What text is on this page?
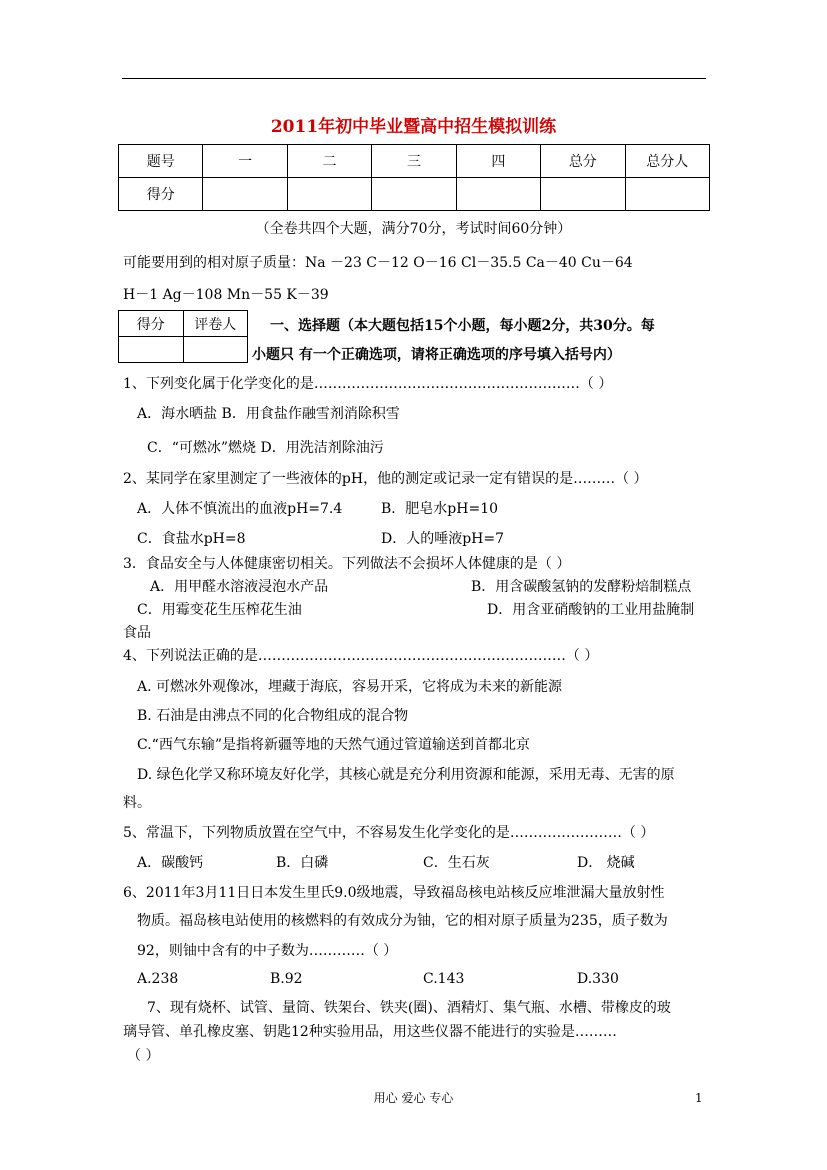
2011年初中毕业暨高中招生模拟训练
题号	一	二	三	四	总分	总分人
得分						
（全卷共四个大题，满分70分，考试时间60分钟）
可能要用到的相对原子质量：Na －23 C－12 O－16 Cl－35.5 Ca－40 Cu－64
H－1 Ag－108 Mn－55 K－39
得分	评卷人
	一、选择题（本大题包括15个小题，每小题2分，共30分。每
小题只 有一个正确选项，请将正确选项的序号填入括号内）
1、下列变化属于化学变化的是…………………………………………………（ ）
A．海水晒盐 B．用食盐作融雪剂消除积雪
C．“可燃冰”燃烧 D．用洗洁剂除油污
2、某同学在家里测定了一些液体的pH，他的测定或记录一定有错误的是………（ ）
A．人体不慎流出的血液pH=7.4	B．肥皂水pH=10
C．食盐水pH=8	D．人的唾液pH=7
3．食品安全与人体健康密切相关。下列做法不会损坏人体健康的是（ ）
A．用甲醛水溶液浸泡水产品	B．用含碳酸氢钠的发酵粉焙制糕点
C．用霉变花生压榨花生油	D．用含亚硝酸钠的工业用盐腌制
食品
4、下列说法正确的是…………………………………………………………（ ）
A. 可燃冰外观像冰，埋藏于海底，容易开采，它将成为未来的新能源
B. 石油是由沸点不同的化合物组成的混合物
C.“西气东输”是指将新疆等地的天然气通过管道输送到首都北京
D. 绿色化学又称环境友好化学，其核心就是充分利用资源和能源，采用无毒、无害的原
料。
5、常温下，下列物质放置在空气中，不容易发生化学变化的是……………………（ ）
A．碳酸钙	B．白磷	C．生石灰	D． 烧碱
6、2011年3月11日日本发生里氏9.0级地震，导致福岛核电站核反应堆泄漏大量放射性
物质。福岛核电站使用的核燃料的有效成分为铀，它的相对原子质量为235，质子数为
92，则铀中含有的中子数为…………（ ）
A.238	B.92	C.143	D.330
7、现有烧杯、试管、量筒、铁架台、铁夹(圈)、酒精灯、集气瓶、水槽、带橡皮的玻
璃导管、单孔橡皮塞、钥匙12种实验用品，用这些仪器不能进行的实验是………
（ ）
用心 爱心 专心	1
